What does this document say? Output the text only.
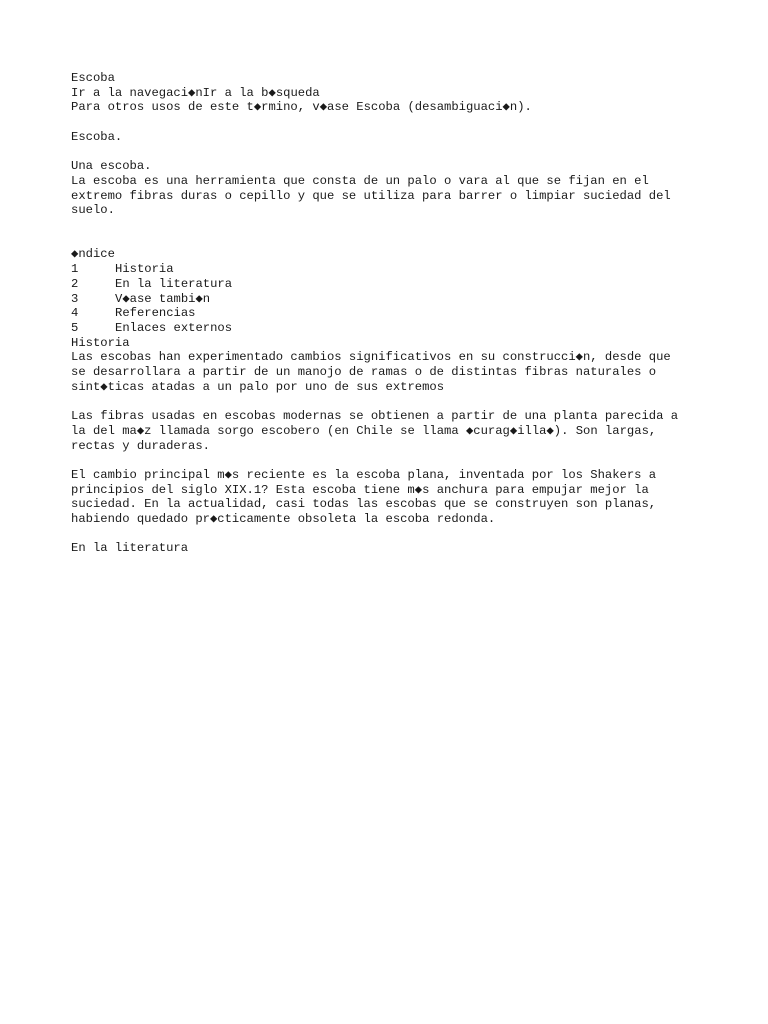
Escoba

Ir a la navegaci◆nIr a la b◆squeda

Para otros usos de este t◆rmino, v◆ase Escoba (desambiguaci◆n).

Escoba.

Una escoba.

La escoba es una herramienta que consta de un palo o vara al que se fijan en el

extremo fibras duras o cepillo y que se utiliza para barrer o limpiar suciedad del

suelo.

◆ndice

1	Historia
2	En la literatura
3	V◆ase tambi◆n
4	Referencias
5	Enlaces externos

Historia

Las escobas han experimentado cambios significativos en su construcci◆n, desde que

se desarrollara a partir de un manojo de ramas o de distintas fibras naturales o

sint◆ticas atadas a un palo por uno de sus extremos

Las fibras usadas en escobas modernas se obtienen a partir de una planta parecida a

la del ma◆z llamada sorgo escobero (en Chile se llama ◆curag◆illa◆). Son largas,

rectas y duraderas.

El cambio principal m◆s reciente es la escoba plana, inventada por los Shakers a

principios del siglo XIX.1? Esta escoba tiene m◆s anchura para empujar mejor la

suciedad. En la actualidad, casi todas las escobas que se construyen son planas,

habiendo quedado pr◆cticamente obsoleta la escoba redonda.

En la literatura
